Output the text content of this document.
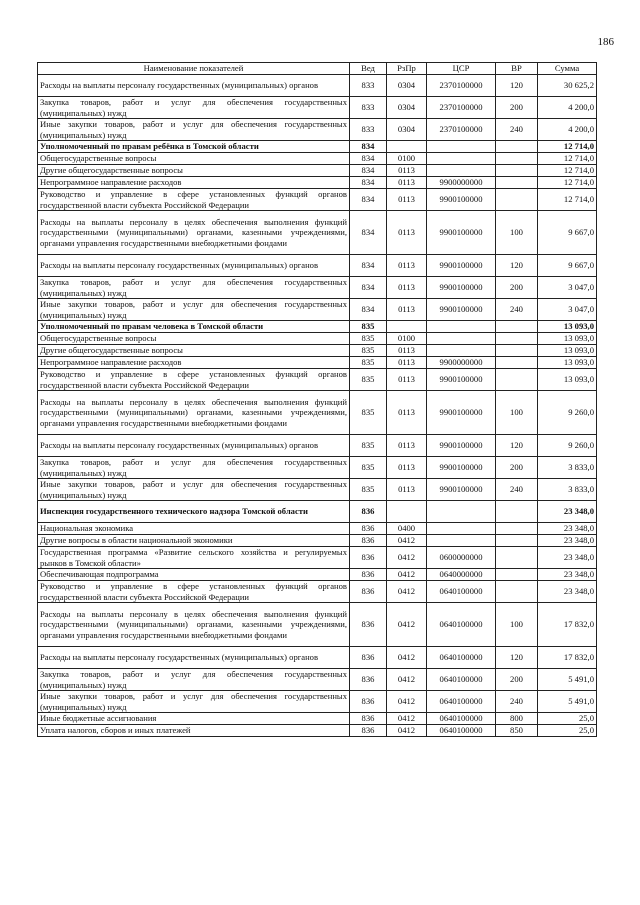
186
Наименование показателей	Вед	РзПр	ЦСР	ВР	Сумма
Расходы на выплаты персоналу государственных (муниципальных) органов	833	0304	2370100000	120	30 625,2
Закупка товаров, работ и услуг для обеспечения государственных (муниципальных) нужд	833	0304	2370100000	200	4 200,0
Иные закупки товаров, работ и услуг для обеспечения государственных (муниципальных) нужд	833	0304	2370100000	240	4 200,0
Уполномоченный по правам ребёнка в Томской области	834				12 714,0
Общегосударственные вопросы	834	0100			12 714,0
Другие общегосударственные вопросы	834	0113			12 714,0
Непрограммное направление расходов	834	0113	9900000000		12 714,0
Руководство и управление в сфере установленных функций органов государственной власти субъекта Российской Федерации	834	0113	9900100000		12 714,0
Расходы на выплаты персоналу в целях обеспечения выполнения функций государственными (муниципальными) органами, казенными учреждениями, органами управления государственными внебюджетными фондами	834	0113	9900100000	100	9 667,0
Расходы на выплаты персоналу государственных (муниципальных) органов	834	0113	9900100000	120	9 667,0
Закупка товаров, работ и услуг для обеспечения государственных (муниципальных) нужд	834	0113	9900100000	200	3 047,0
Иные закупки товаров, работ и услуг для обеспечения государственных (муниципальных) нужд	834	0113	9900100000	240	3 047,0
Уполномоченный по правам человека в Томской области	835				13 093,0
Общегосударственные вопросы	835	0100			13 093,0
Другие общегосударственные вопросы	835	0113			13 093,0
Непрограммное направление расходов	835	0113	9900000000		13 093,0
Руководство и управление в сфере установленных функций органов государственной власти субъекта Российской Федерации	835	0113	9900100000		13 093,0
Расходы на выплаты персоналу в целях обеспечения выполнения функций государственными (муниципальными) органами, казенными учреждениями, органами управления государственными внебюджетными фондами	835	0113	9900100000	100	9 260,0
Расходы на выплаты персоналу государственных (муниципальных) органов	835	0113	9900100000	120	9 260,0
Закупка товаров, работ и услуг для обеспечения государственных (муниципальных) нужд	835	0113	9900100000	200	3 833,0
Иные закупки товаров, работ и услуг для обеспечения государственных (муниципальных) нужд	835	0113	9900100000	240	3 833,0
Инспекция государственного технического надзора Томской области	836				23 348,0
Национальная экономика	836	0400			23 348,0
Другие вопросы в области национальной экономики	836	0412			23 348,0
Государственная программа «Развитие сельского хозяйства и регулируемых рынков в Томской области»	836	0412	0600000000		23 348,0
Обеспечивающая подпрограмма	836	0412	0640000000		23 348,0
Руководство и управление в сфере установленных функций органов государственной власти субъекта Российской Федерации	836	0412	0640100000		23 348,0
Расходы на выплаты персоналу в целях обеспечения выполнения функций государственными (муниципальными) органами, казенными учреждениями, органами управления государственными внебюджетными фондами	836	0412	0640100000	100	17 832,0
Расходы на выплаты персоналу государственных (муниципальных) органов	836	0412	0640100000	120	17 832,0
Закупка товаров, работ и услуг для обеспечения государственных (муниципальных) нужд	836	0412	0640100000	200	5 491,0
Иные закупки товаров, работ и услуг для обеспечения государственных (муниципальных) нужд	836	0412	0640100000	240	5 491,0
Иные бюджетные ассигнования	836	0412	0640100000	800	25,0
Уплата налогов, сборов и иных платежей	836	0412	0640100000	850	25,0
